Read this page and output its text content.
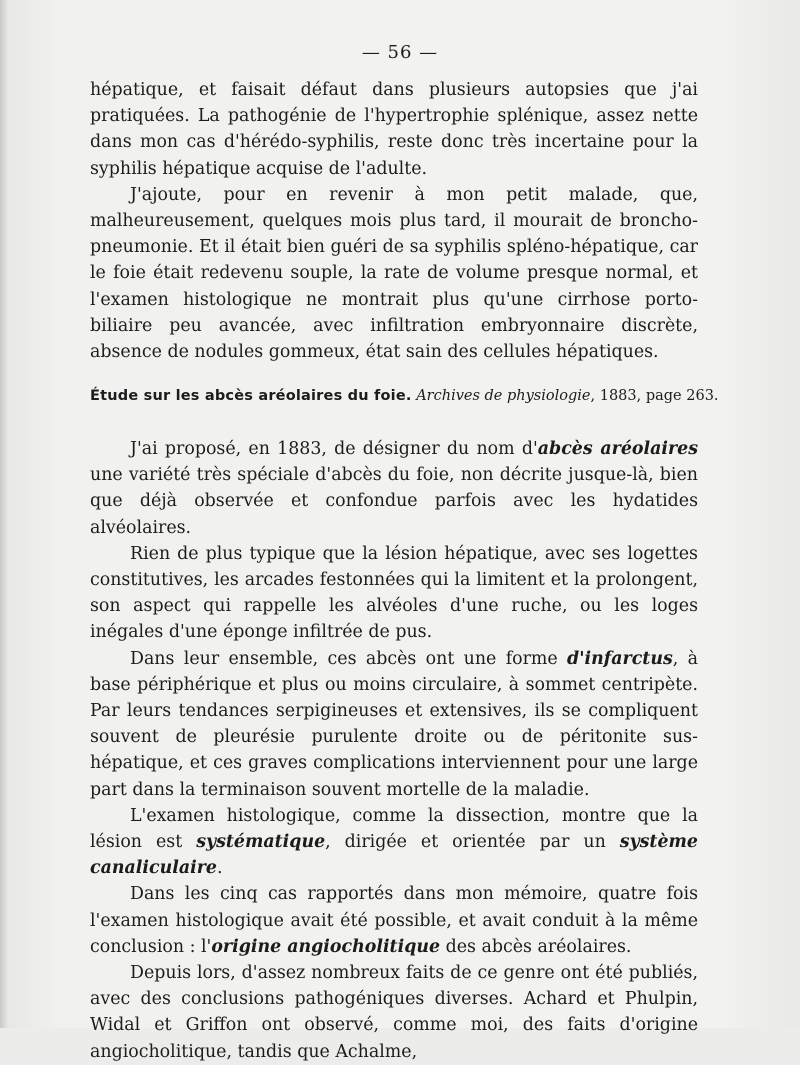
— 56 —

hépatique, et faisait défaut dans plusieurs autopsies que j'ai pratiquées. La pathogénie de l'hypertrophie splénique, assez nette dans mon cas d'hérédo-syphilis, reste donc très incertaine pour la syphilis hépatique acquise de l'adulte.

J'ajoute, pour en revenir à mon petit malade, que, malheureusement, quelques mois plus tard, il mourait de broncho-pneumonie. Et il était bien guéri de sa syphilis spléno-hépatique, car le foie était redevenu souple, la rate de volume presque normal, et l'examen histologique ne montrait plus qu'une cirrhose porto-biliaire peu avancée, avec infiltration embryonnaire discrète, absence de nodules gommeux, état sain des cellules hépatiques.

Étude sur les abcès aréolaires du foie. Archives de physiologie, 1883, page 263.

J'ai proposé, en 1883, de désigner du nom d'abcès aréolaires une variété très spéciale d'abcès du foie, non décrite jusque-là, bien que déjà observée et confondue parfois avec les hydatides alvéolaires.

Rien de plus typique que la lésion hépatique, avec ses logettes constitutives, les arcades festonnées qui la limitent et la prolongent, son aspect qui rappelle les alvéoles d'une ruche, ou les loges inégales d'une éponge infiltrée de pus.

Dans leur ensemble, ces abcès ont une forme d'infarctus, à base périphérique et plus ou moins circulaire, à sommet centripète. Par leurs tendances serpigineuses et extensives, ils se compliquent souvent de pleurésie purulente droite ou de péritonite sus-hépatique, et ces graves complications interviennent pour une large part dans la terminaison souvent mortelle de la maladie.

L'examen histologique, comme la dissection, montre que la lésion est systématique, dirigée et orientée par un système canaliculaire.

Dans les cinq cas rapportés dans mon mémoire, quatre fois l'examen histologique avait été possible, et avait conduit à la même conclusion : l'origine angiocholitique des abcès aréolaires.

Depuis lors, d'assez nombreux faits de ce genre ont été publiés, avec des conclusions pathogéniques diverses. Achard et Phulpin, Widal et Griffon ont observé, comme moi, des faits d'origine angiocholitique, tandis que Achalme,
